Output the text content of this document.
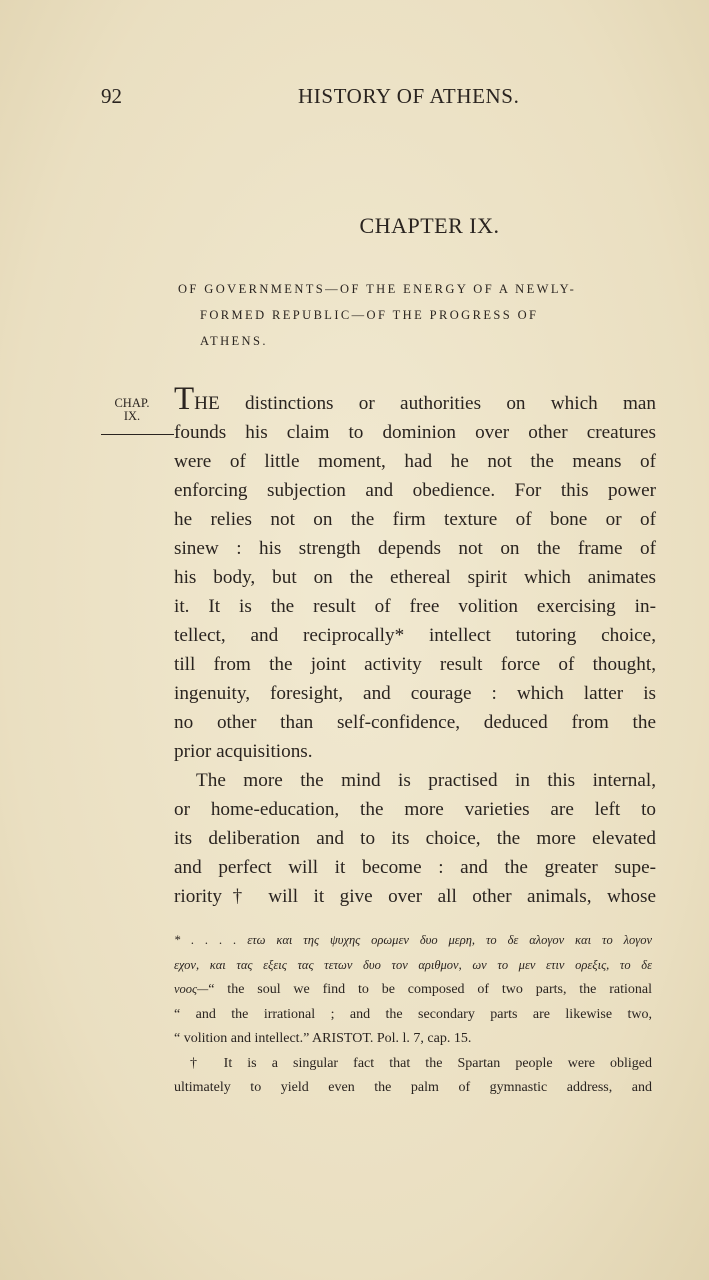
92	HISTORY OF ATHENS.
CHAPTER IX.
OF GOVERNMENTS—OF THE ENERGY OF A NEWLY-
FORMED REPUBLIC—OF THE PROGRESS OF
ATHENS.
CHAP.
IX.	THE distinctions or authorities on which man
founds his claim to dominion over other creatures
were of little moment, had he not the means of
enforcing subjection and obedience. For this power
he relies not on the firm texture of bone or of
sinew : his strength depends not on the frame of
his body, but on the ethereal spirit which animates
it. It is the result of free volition exercising in-
tellect, and reciprocally* intellect tutoring choice,
till from the joint activity result force of thought,
ingenuity, foresight, and courage : which latter is
no other than self-confidence, deduced from the
prior acquisitions.
The more the mind is practised in this internal,
or home-education, the more varieties are left to
its deliberation and to its choice, the more elevated
and perfect will it become : and the greater supe-
riority† will it give over all other animals, whose
* . . . . ετω και της ψυχης ορωμεν δυο μερη, το δε αλογον και το λογον
εχον, και τας εξεις τας τετων δυο τον αριθμον, ων το μεν ετιν ορεξις, το δε
νοος—“ the soul we find to be composed of two parts, the rational
“ and the irrational ; and the secondary parts are likewise two,
“ volition and intellect.” ARISTOT. Pol. l. 7, cap. 15.
† It is a singular fact that the Spartan people were obliged
ultimately to yield even the palm of gymnastic address, and
